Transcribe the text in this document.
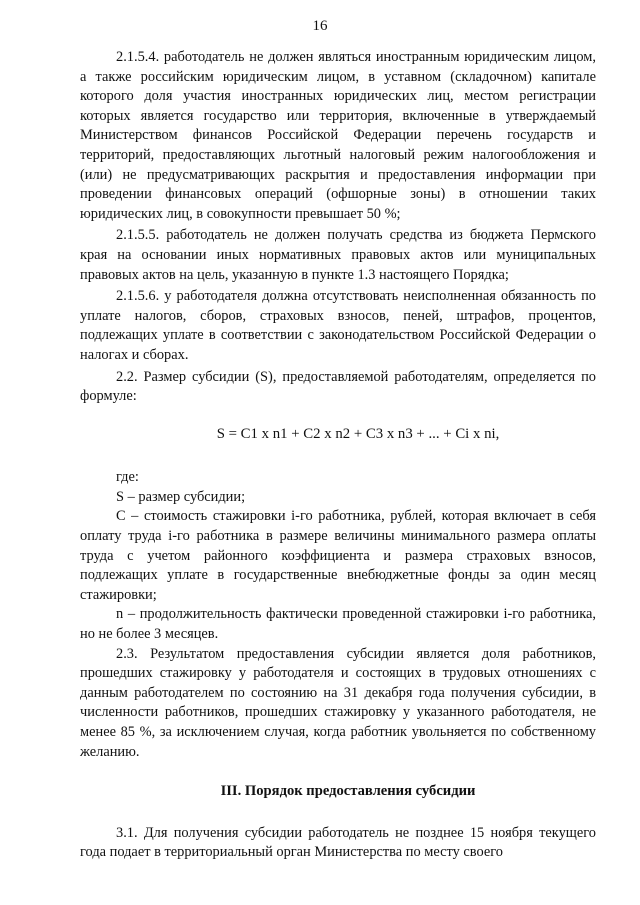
16

2.1.5.4. работодатель не должен являться иностранным юридическим лицом, а также российским юридическим лицом, в уставном (складочном) капитале которого доля участия иностранных юридических лиц, местом регистрации которых является государство или территория, включенные в утверждаемый Министерством финансов Российской Федерации перечень государств и территорий, предоставляющих льготный налоговый режим налогообложения и (или) не предусматривающих раскрытия и предоставления информации при проведении финансовых операций (офшорные зоны) в отношении таких юридических лиц, в совокупности превышает 50 %;

2.1.5.5. работодатель не должен получать средства из бюджета Пермского края на основании иных нормативных правовых актов или муниципальных правовых актов на цель, указанную в пункте 1.3 настоящего Порядка;

2.1.5.6. у работодателя должна отсутствовать неисполненная обязанность по уплате налогов, сборов, страховых взносов, пеней, штрафов, процентов, подлежащих уплате в соответствии с законодательством Российской Федерации о налогах и сборах.

2.2. Размер субсидии (S), предоставляемой работодателям, определяется по формуле:

S = C1 x n1 + C2 x n2 + C3 x n3 + ... + Ci x ni,

где:

S – размер субсидии;

C – стоимость стажировки i-го работника, рублей, которая включает в себя оплату труда i-го работника в размере величины минимального размера оплаты труда с учетом районного коэффициента и размера страховых взносов, подлежащих уплате в государственные внебюджетные фонды за один месяц стажировки;

n – продолжительность фактически проведенной стажировки i-го работника, но не более 3 месяцев.

2.3. Результатом предоставления субсидии является доля работников, прошедших стажировку у работодателя и состоящих в трудовых отношениях с данным работодателем по состоянию на 31 декабря года получения субсидии, в численности работников, прошедших стажировку у указанного работодателя, не менее 85 %, за исключением случая, когда работник увольняется по собственному желанию.

III. Порядок предоставления субсидии

3.1. Для получения субсидии работодатель не позднее 15 ноября текущего года подает в территориальный орган Министерства по месту своего
